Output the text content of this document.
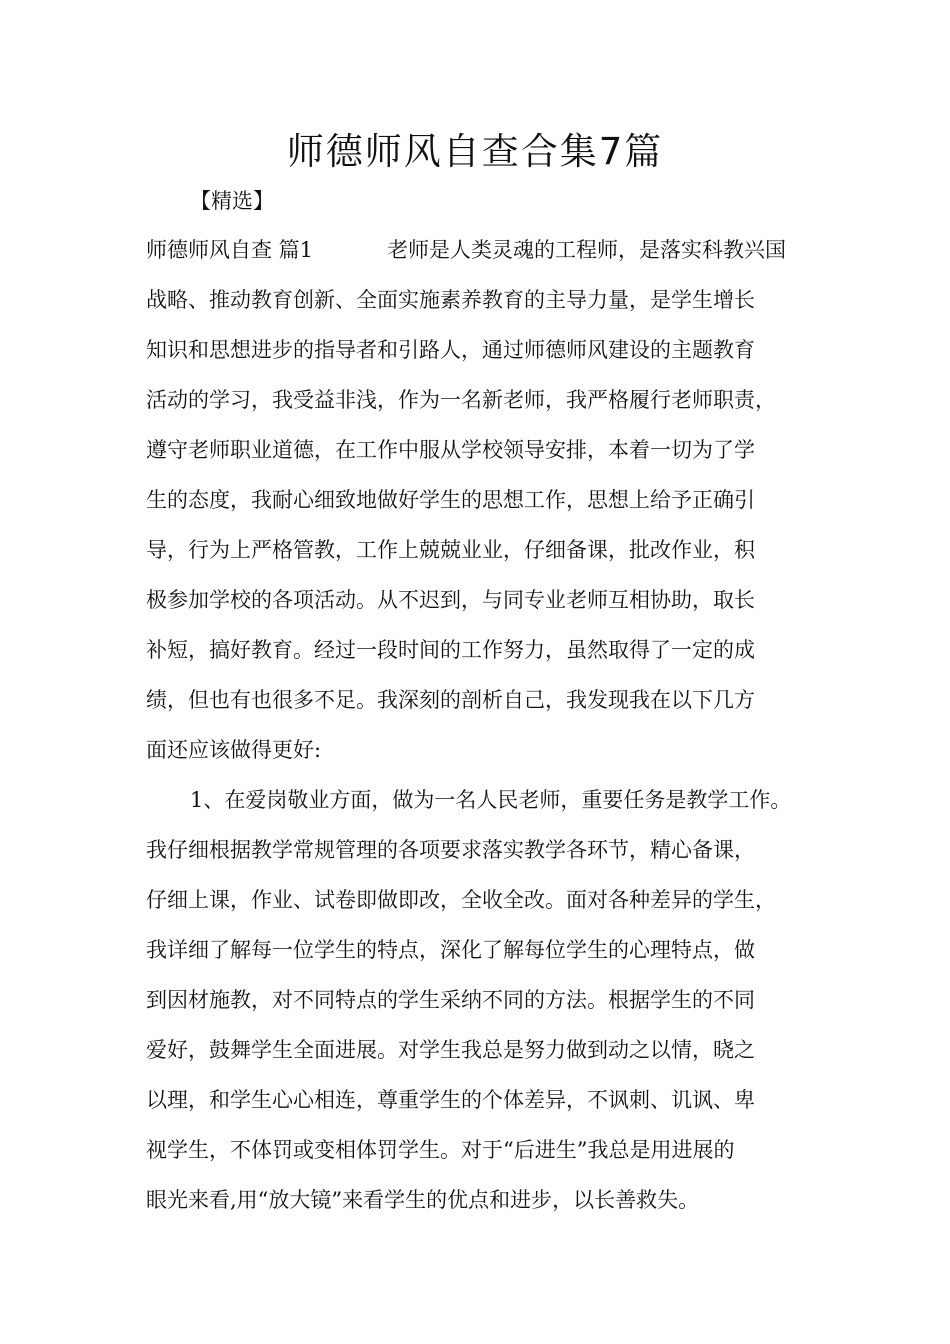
师德师风自查合集7篇
【精选】
师德师风自查 篇1	老师是人类灵魂的工程师，是落实科教兴国
战略、推动教育创新、全面实施素养教育的主导力量，是学生增长
知识和思想进步的指导者和引路人，通过师德师风建设的主题教育
活动的学习，我受益非浅，作为一名新老师，我严格履行老师职责，
遵守老师职业道德，在工作中服从学校领导安排，本着一切为了学
生的态度，我耐心细致地做好学生的思想工作，思想上给予正确引
导，行为上严格管教，工作上兢兢业业，仔细备课，批改作业，积
极参加学校的各项活动。从不迟到，与同专业老师互相协助，取长
补短，搞好教育。经过一段时间的工作努力，虽然取得了一定的成
绩，但也有也很多不足。我深刻的剖析自己，我发现我在以下几方
面还应该做得更好:
1、在爱岗敬业方面，做为一名人民老师，重要任务是教学工作。
我仔细根据教学常规管理的各项要求落实教学各环节，精心备课，
仔细上课，作业、试卷即做即改，全收全改。面对各种差异的学生，
我详细了解每一位学生的特点，深化了解每位学生的心理特点，做
到因材施教，对不同特点的学生采纳不同的方法。根据学生的不同
爱好，鼓舞学生全面进展。对学生我总是努力做到动之以情，晓之
以理，和学生心心相连，尊重学生的个体差异，不讽刺、讥讽、卑
视学生，不体罚或变相体罚学生。对于“后进生”我总是用进展的
眼光来看,用“放大镜”来看学生的优点和进步，以长善救失。
